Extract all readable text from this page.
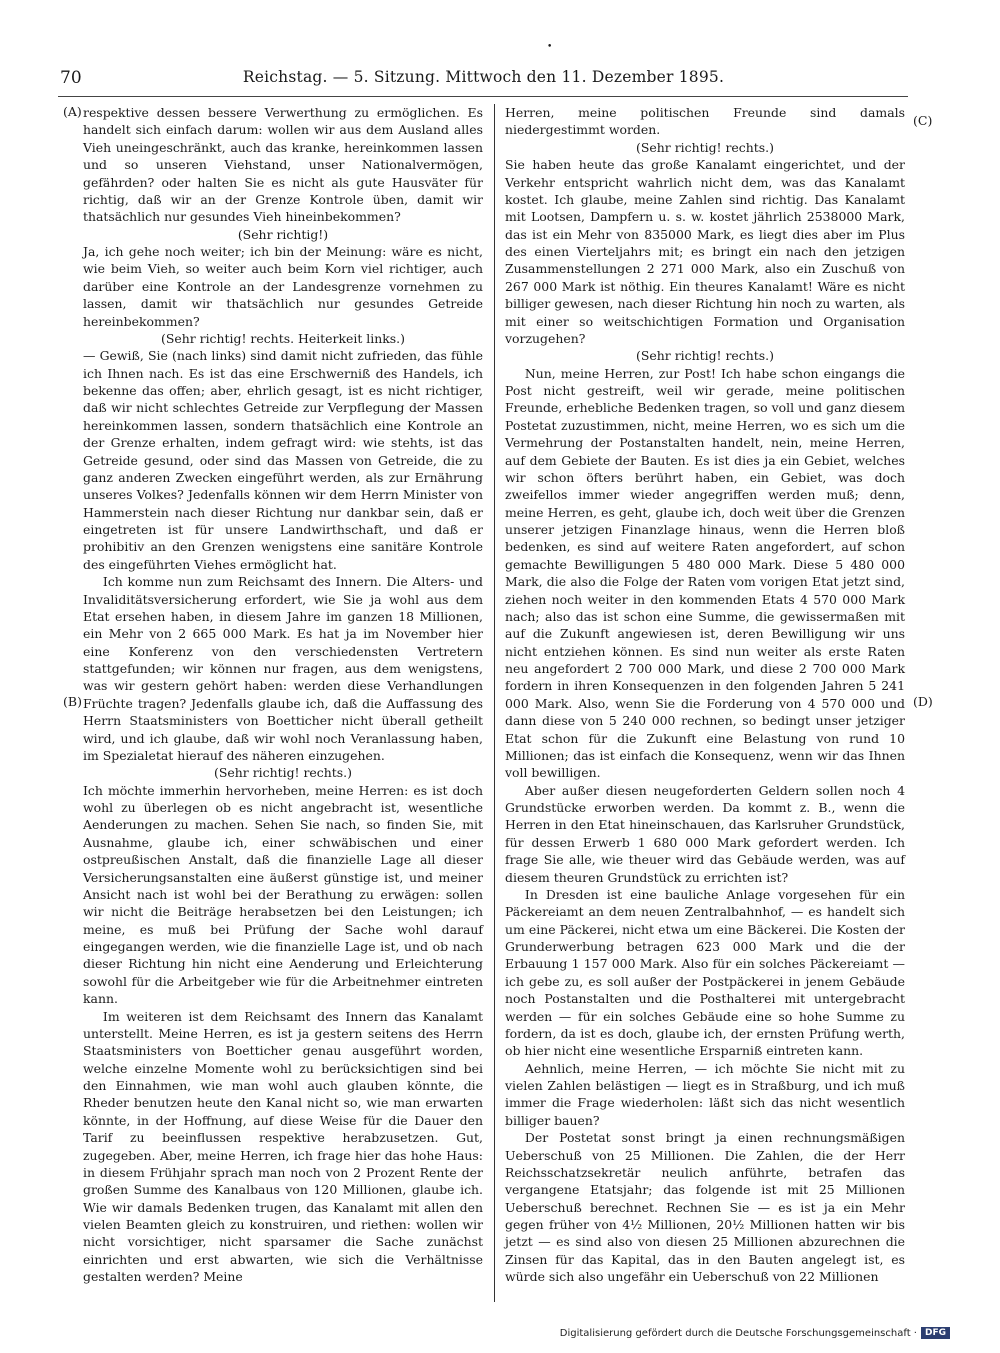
•
70	Reichstag. — 5. Sitzung. Mittwoch den 11. Dezember 1895.
(A)
(B)
(C)
(D)

respektive dessen bessere Verwerthung zu ermöglichen. Es handelt sich einfach darum: wollen wir aus dem Ausland alles Vieh uneingeschränkt, auch das kranke, hereinkommen lassen und so unseren Viehstand, unser Nationalvermögen, gefährden? oder halten Sie es nicht als gute Hausväter für richtig, daß wir an der Grenze Kontrole üben, damit wir thatsächlich nur gesundes Vieh hineinbekommen?

(Sehr richtig!)

Ja, ich gehe noch weiter; ich bin der Meinung: wäre es nicht, wie beim Vieh, so weiter auch beim Korn viel richtiger, auch darüber eine Kontrole an der Landesgrenze vornehmen zu lassen, damit wir thatsächlich nur gesundes Getreide hereinbekommen?

(Sehr richtig! rechts. Heiterkeit links.)

— Gewiß, Sie (nach links) sind damit nicht zufrieden, das fühle ich Ihnen nach. Es ist das eine Erschwerniß des Handels, ich bekenne das offen; aber, ehrlich gesagt, ist es nicht richtiger, daß wir nicht schlechtes Getreide zur Verpflegung der Massen hereinkommen lassen, sondern thatsächlich eine Kontrole an der Grenze erhalten, indem gefragt wird: wie stehts, ist das Getreide gesund, oder sind das Massen von Getreide, die zu ganz anderen Zwecken eingeführt werden, als zur Ernährung unseres Volkes? Jedenfalls können wir dem Herrn Minister von Hammerstein nach dieser Richtung nur dankbar sein, daß er eingetreten ist für unsere Landwirthschaft, und daß er prohibitiv an den Grenzen wenigstens eine sanitäre Kontrole des eingeführten Viehes ermöglicht hat.

Ich komme nun zum Reichsamt des Innern. Die Alters- und Invaliditätsversicherung erfordert, wie Sie ja wohl aus dem Etat ersehen haben, in diesem Jahre im ganzen 18 Millionen, ein Mehr von 2 665 000 Mark. Es hat ja im November hier eine Konferenz von den verschiedensten Vertretern stattgefunden; wir können nur fragen, aus dem wenigstens, was wir gestern gehört haben: werden diese Verhandlungen Früchte tragen? Jedenfalls glaube ich, daß die Auffassung des Herrn Staatsministers von Boetticher nicht überall getheilt wird, und ich glaube, daß wir wohl noch Veranlassung haben, im Spezialetat hierauf des näheren einzugehen.

(Sehr richtig! rechts.)

Ich möchte immerhin hervorheben, meine Herren: es ist doch wohl zu überlegen ob es nicht angebracht ist, wesentliche Aenderungen zu machen. Sehen Sie nach, so finden Sie, mit Ausnahme, glaube ich, einer schwäbischen und einer ostpreußischen Anstalt, daß die finanzielle Lage all dieser Versicherungsanstalten eine äußerst günstige ist, und meiner Ansicht nach ist wohl bei der Berathung zu erwägen: sollen wir nicht die Beiträge herabsetzen bei den Leistungen; ich meine, es muß bei Prüfung der Sache wohl darauf eingegangen werden, wie die finanzielle Lage ist, und ob nach dieser Richtung hin nicht eine Aenderung und Erleichterung sowohl für die Arbeitgeber wie für die Arbeitnehmer eintreten kann.

Im weiteren ist dem Reichsamt des Innern das Kanalamt unterstellt. Meine Herren, es ist ja gestern seitens des Herrn Staatsministers von Boetticher genau ausgeführt worden, welche einzelne Momente wohl zu berücksichtigen sind bei den Einnahmen, wie man wohl auch glauben könnte, die Rheder benutzen heute den Kanal nicht so, wie man erwarten könnte, in der Hoffnung, auf diese Weise für die Dauer den Tarif zu beeinflussen respektive herabzusetzen. Gut, zugegeben. Aber, meine Herren, ich frage hier das hohe Haus: in diesem Frühjahr sprach man noch von 2 Prozent Rente der großen Summe des Kanalbaus von 120 Millionen, glaube ich. Wie wir damals Bedenken trugen, das Kanalamt mit allen den vielen Beamten gleich zu konstruiren, und riethen: wollen wir nicht vorsichtiger, nicht sparsamer die Sache zunächst einrichten und erst abwarten, wie sich die Verhältnisse gestalten werden? Meine

Herren, meine politischen Freunde sind damals niedergestimmt worden.

(Sehr richtig! rechts.)

Sie haben heute das große Kanalamt eingerichtet, und der Verkehr entspricht wahrlich nicht dem, was das Kanalamt kostet. Ich glaube, meine Zahlen sind richtig. Das Kanalamt mit Lootsen, Dampfern u. s. w. kostet jährlich 2538000 Mark, das ist ein Mehr von 835000 Mark, es liegt dies aber im Plus des einen Vierteljahrs mit; es bringt ein nach den jetzigen Zusammenstellungen 2 271 000 Mark, also ein Zuschuß von 267 000 Mark ist nöthig. Ein theures Kanalamt! Wäre es nicht billiger gewesen, nach dieser Richtung hin noch zu warten, als mit einer so weitschichtigen Formation und Organisation vorzugehen?

(Sehr richtig! rechts.)

Nun, meine Herren, zur Post! Ich habe schon eingangs die Post nicht gestreift, weil wir gerade, meine politischen Freunde, erhebliche Bedenken tragen, so voll und ganz diesem Postetat zuzustimmen, nicht, meine Herren, wo es sich um die Vermehrung der Postanstalten handelt, nein, meine Herren, auf dem Gebiete der Bauten. Es ist dies ja ein Gebiet, welches wir schon öfters berührt haben, ein Gebiet, was doch zweifellos immer wieder angegriffen werden muß; denn, meine Herren, es geht, glaube ich, doch weit über die Grenzen unserer jetzigen Finanzlage hinaus, wenn die Herren bloß bedenken, es sind auf weitere Raten angefordert, auf schon gemachte Bewilligungen 5 480 000 Mark. Diese 5 480 000 Mark, die also die Folge der Raten vom vorigen Etat jetzt sind, ziehen noch weiter in den kommenden Etats 4 570 000 Mark nach; also das ist schon eine Summe, die gewissermaßen mit auf die Zukunft angewiesen ist, deren Bewilligung wir uns nicht entziehen können. Es sind nun weiter als erste Raten neu angefordert 2 700 000 Mark, und diese 2 700 000 Mark fordern in ihren Konsequenzen in den folgenden Jahren 5 241 000 Mark. Also, wenn Sie die Forderung von 4 570 000 und dann diese von 5 240 000 rechnen, so bedingt unser jetziger Etat schon für die Zukunft eine Belastung von rund 10 Millionen; das ist einfach die Konsequenz, wenn wir das Ihnen voll bewilligen.

Aber außer diesen neugeforderten Geldern sollen noch 4 Grundstücke erworben werden. Da kommt z. B., wenn die Herren in den Etat hineinschauen, das Karlsruher Grundstück, für dessen Erwerb 1 680 000 Mark gefordert werden. Ich frage Sie alle, wie theuer wird das Gebäude werden, was auf diesem theuren Grundstück zu errichten ist?

In Dresden ist eine bauliche Anlage vorgesehen für ein Päckereiamt an dem neuen Zentralbahnhof, — es handelt sich um eine Päckerei, nicht etwa um eine Bäckerei. Die Kosten der Grunderwerbung betragen 623 000 Mark und die der Erbauung 1 157 000 Mark. Also für ein solches Päckereiamt — ich gebe zu, es soll außer der Postpäckerei in jenem Gebäude noch Postanstalten und die Posthalterei mit untergebracht werden — für ein solches Gebäude eine so hohe Summe zu fordern, da ist es doch, glaube ich, der ernsten Prüfung werth, ob hier nicht eine wesentliche Ersparniß eintreten kann.

Aehnlich, meine Herren, — ich möchte Sie nicht mit zu vielen Zahlen belästigen — liegt es in Straßburg, und ich muß immer die Frage wiederholen: läßt sich das nicht wesentlich billiger bauen?

Der Postetat sonst bringt ja einen rechnungsmäßigen Ueberschuß von 25 Millionen. Die Zahlen, die der Herr Reichsschatzsekretär neulich anführte, betrafen das vergangene Etatsjahr; das folgende ist mit 25 Millionen Ueberschuß berechnet. Rechnen Sie — es ist ja ein Mehr gegen früher von 4½ Millionen, 20½ Millionen hatten wir bis jetzt — es sind also von diesen 25 Millionen abzurechnen die Zinsen für das Kapital, das in den Bauten angelegt ist, es würde sich also ungefähr ein Ueberschuß von 22 Millionen

Digitalisierung gefördert durch die Deutsche Forschungsgemeinschaft · DFG
